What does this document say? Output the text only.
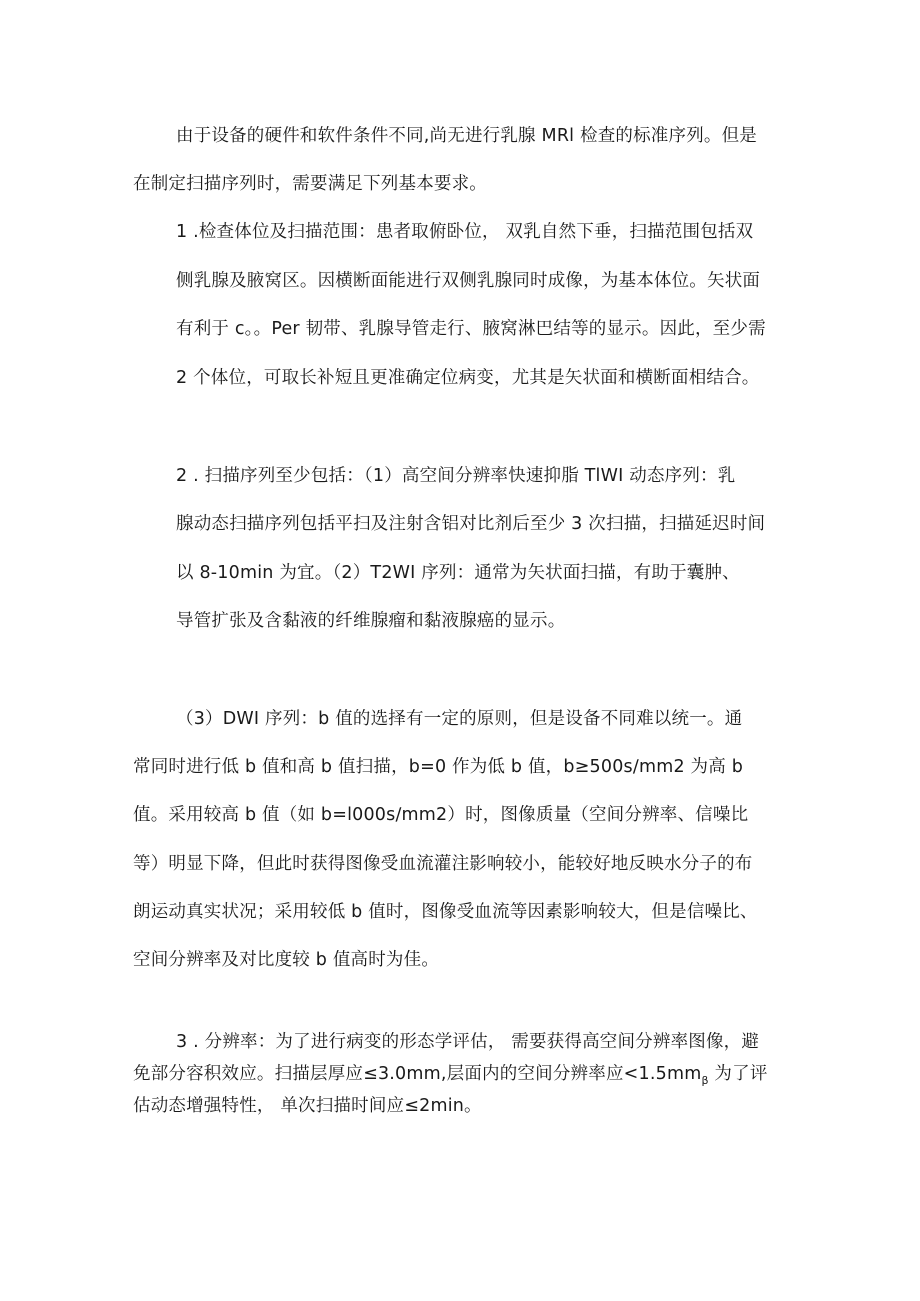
由于设备的硬件和软件条件不同,尚无进行乳腺 MRl 检查的标准序列。但是
在制定扫描序列时，需要满足下列基本要求。
1 .检查体位及扫描范围：患者取俯卧位， 双乳自然下垂，扫描范围包括双
侧乳腺及腋窝区。因横断面能进行双侧乳腺同时成像，为基本体位。矢状面
有利于 c。。Per 韧带、乳腺导管走行、腋窝淋巴结等的显示。因此，至少需
2 个体位，可取长补短且更准确定位病变，尤其是矢状面和横断面相结合。
2 . 扫描序列至少包括：（1）高空间分辨率快速抑脂 TlWI 动态序列：乳
腺动态扫描序列包括平扫及注射含铝对比剂后至少 3 次扫描，扫描延迟时间
以 8-10min 为宜。（2）T2WI 序列：通常为矢状面扫描，有助于囊肿、
导管扩张及含黏液的纤维腺瘤和黏液腺癌的显示。
（3）DWI 序列：b 值的选择有一定的原则，但是设备不同难以统一。通
常同时进行低 b 值和高 b 值扫描，b=0 作为低 b 值，b≥500s∕mm2 为高 b
值。采用较高 b 值（如 b=l000s∕mm2）时，图像质量（空间分辨率、信噪比
等）明显下降，但此时获得图像受血流灌注影响较小，能较好地反映水分子的布
朗运动真实状况；采用较低 b 值时，图像受血流等因素影响较大，但是信噪比、
空间分辨率及对比度较 b 值高时为佳。
3 . 分辨率：为了进行病变的形态学评估， 需要获得高空间分辨率图像，避
免部分容积效应。扫描层厚应≤3.0mm,层面内的空间分辨率应$<1.5mm_\beta$ 为了评
估动态增强特性， 单次扫描时间应≤2min。
